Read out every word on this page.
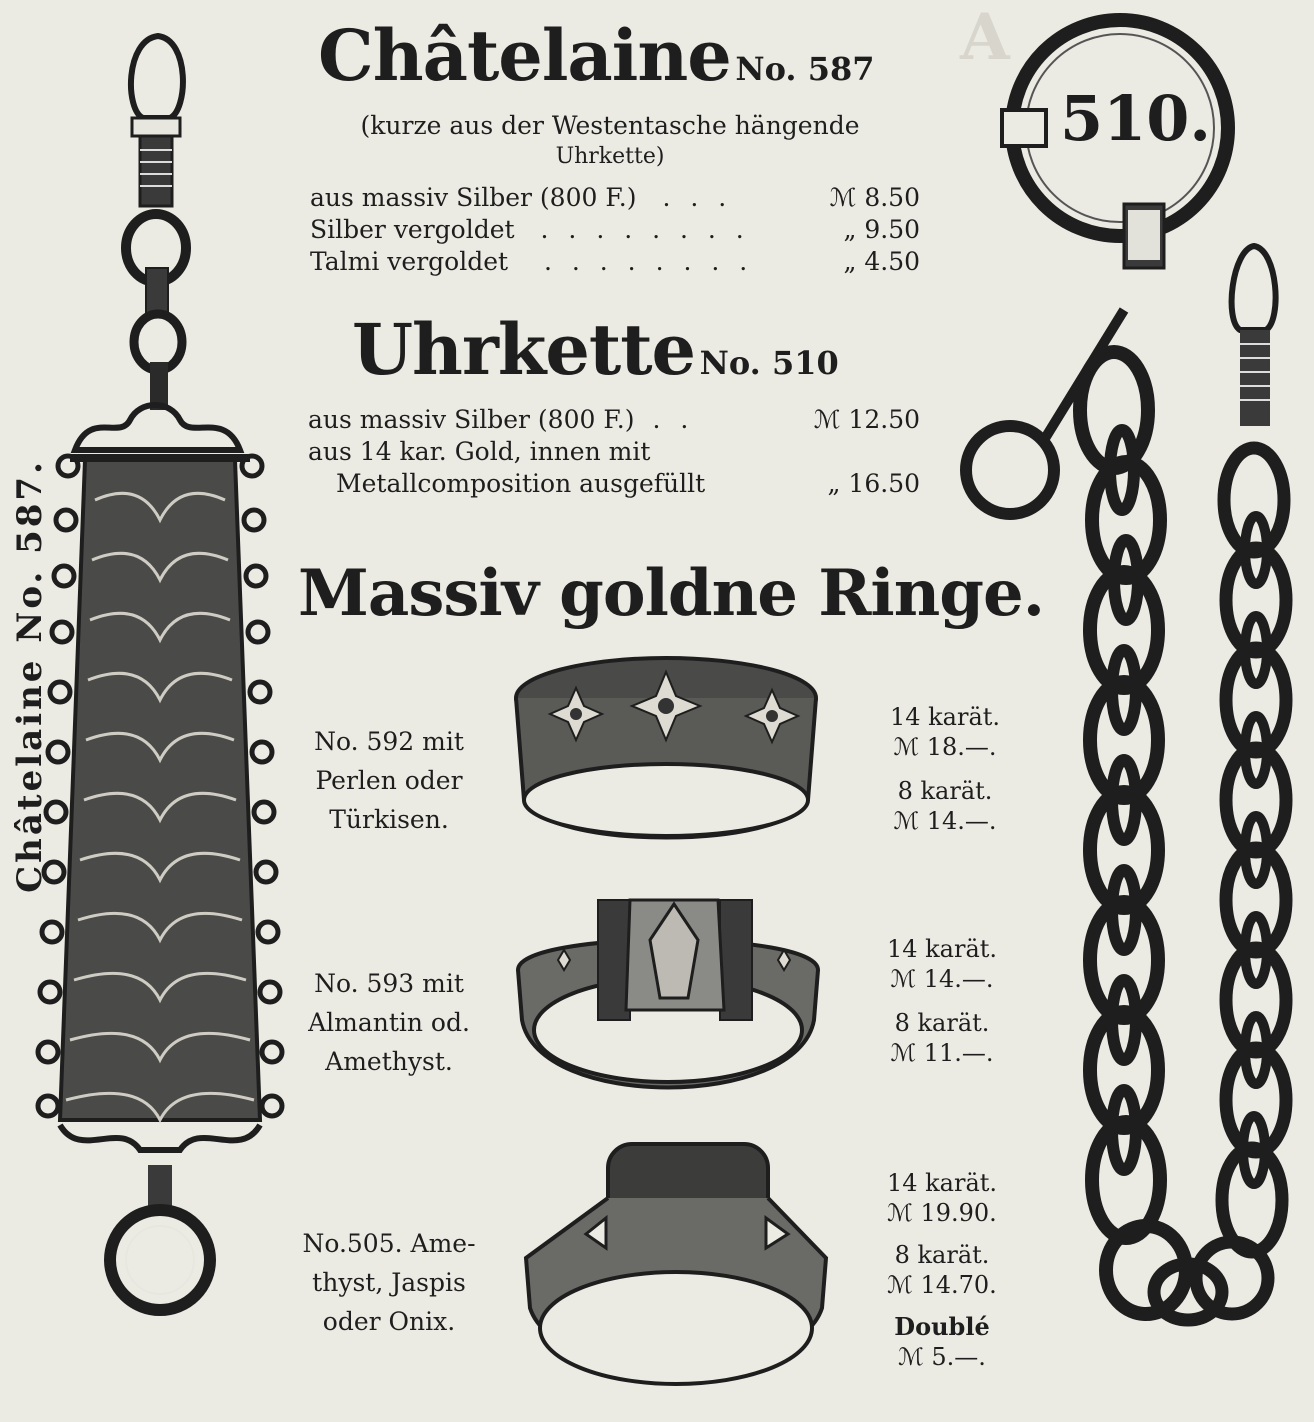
A
Châtelaine No. 587.
510.
Châtelaine No. 587
(kurze aus der Westentasche hängende
Uhrkette)
aus massiv Silber (800 F.) . . .	ℳ 8.50
Silber vergoldet . . . . . . . .	„ 9.50
Talmi vergoldet . . . . . . . .	„ 4.50
Uhrkette No. 510
aus massiv Silber (800 F.) . .	ℳ 12.50
aus 14 kar. Gold, innen mit
Metallcomposition ausgefüllt	„ 16.50
Massiv goldne Ringe.
No. 592 mit
Perlen oder
Türkisen.
14 karät.
ℳ 18.—.
8 karät.
ℳ 14.—.
No. 593 mit
Almantin od.
Amethyst.
14 karät.
ℳ 14.—.
8 karät.
ℳ 11.—.
No.505. Ame-
thyst, Jaspis
oder Onix.
14 karät.
ℳ 19.90.
8 karät.
ℳ 14.70.
Doublé
ℳ 5.—.
